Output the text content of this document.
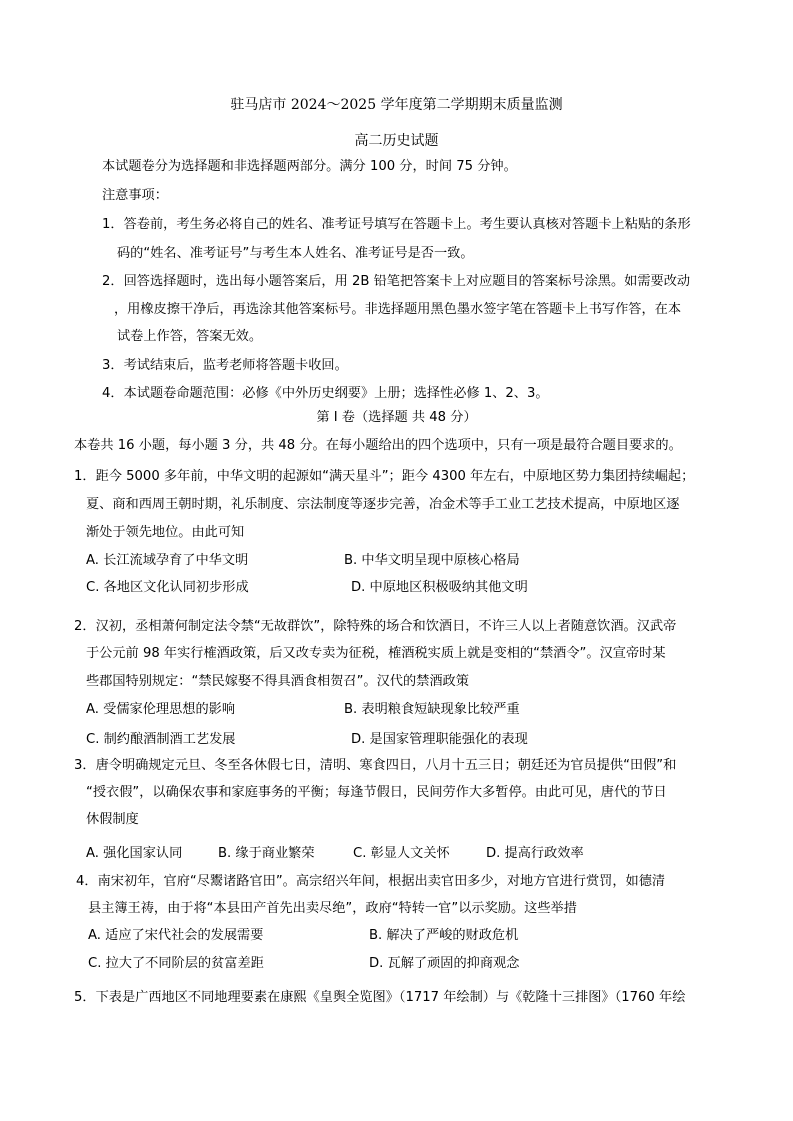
驻马店市 2024～2025 学年度第二学期期末质量监测
高二历史试题
本试题卷分为选择题和非选择题两部分。满分 100 分，时间 75 分钟。
注意事项：
1．答卷前，考生务必将自己的姓名、准考证号填写在答题卡上。考生要认真核对答题卡上粘贴的条形
码的“姓名、准考证号”与考生本人姓名、准考证号是否一致。
2．回答选择题时，选出每小题答案后，用 2B 铅笔把答案卡上对应题目的答案标号涂黑。如需要改动
，用橡皮擦干净后，再选涂其他答案标号。非选择题用黑色墨水签字笔在答题卡上书写作答，在本
试卷上作答，答案无效。
3．考试结束后，监考老师将答题卡收回。
4．本试题卷命题范围：必修《中外历史纲要》上册；选择性必修 1、2、3。
第 I 卷（选择题 共 48 分）
本卷共 16 小题，每小题 3 分，共 48 分。在每小题给出的四个选项中，只有一项是最符合题目要求的。
1．距今 5000 多年前，中华文明的起源如“满天星斗”；距今 4300 年左右，中原地区势力集团持续崛起；
夏、商和西周王朝时期，礼乐制度、宗法制度等逐步完善，冶金术等手工业工艺技术提高，中原地区逐
渐处于领先地位。由此可知
A. 长江流域孕育了中华文明	B. 中华文明呈现中原核心格局
C. 各地区文化认同初步形成	D. 中原地区积极吸纳其他文明
2．汉初，丞相萧何制定法令禁“无故群饮”，除特殊的场合和饮酒日，不许三人以上者随意饮酒。汉武帝
于公元前 98 年实行榷酒政策，后又改专卖为征税，榷酒税实质上就是变相的“禁酒令”。汉宣帝时某
些郡国特别规定：“禁民嫁娶不得具酒食相贺召”。汉代的禁酒政策
A. 受儒家伦理思想的影响	B. 表明粮食短缺现象比较严重
C. 制约酿酒制酒工艺发展	D. 是国家管理职能强化的表现
3．唐令明确规定元旦、冬至各休假七日，清明、寒食四日，八月十五三日；朝廷还为官员提供“田假”和
“授衣假”，以确保农事和家庭事务的平衡；每逢节假日，民间劳作大多暂停。由此可见，唐代的节日
休假制度
A. 强化国家认同	B. 缘于商业繁荣	C. 彰显人文关怀	D. 提高行政效率
4．南宋初年，官府“尽鬻诸路官田”。高宗绍兴年间，根据出卖官田多少，对地方官进行赏罚，如德清
县主簿王祷，由于将“本县田产首先出卖尽绝”，政府“特转一官”以示奖励。这些举措
A. 适应了宋代社会的发展需要	B. 解决了严峻的财政危机
C. 拉大了不同阶层的贫富差距	D. 瓦解了顽固的抑商观念
5．下表是广西地区不同地理要素在康熙《皇舆全览图》（1717 年绘制）与《乾隆十三排图》（1760 年绘
